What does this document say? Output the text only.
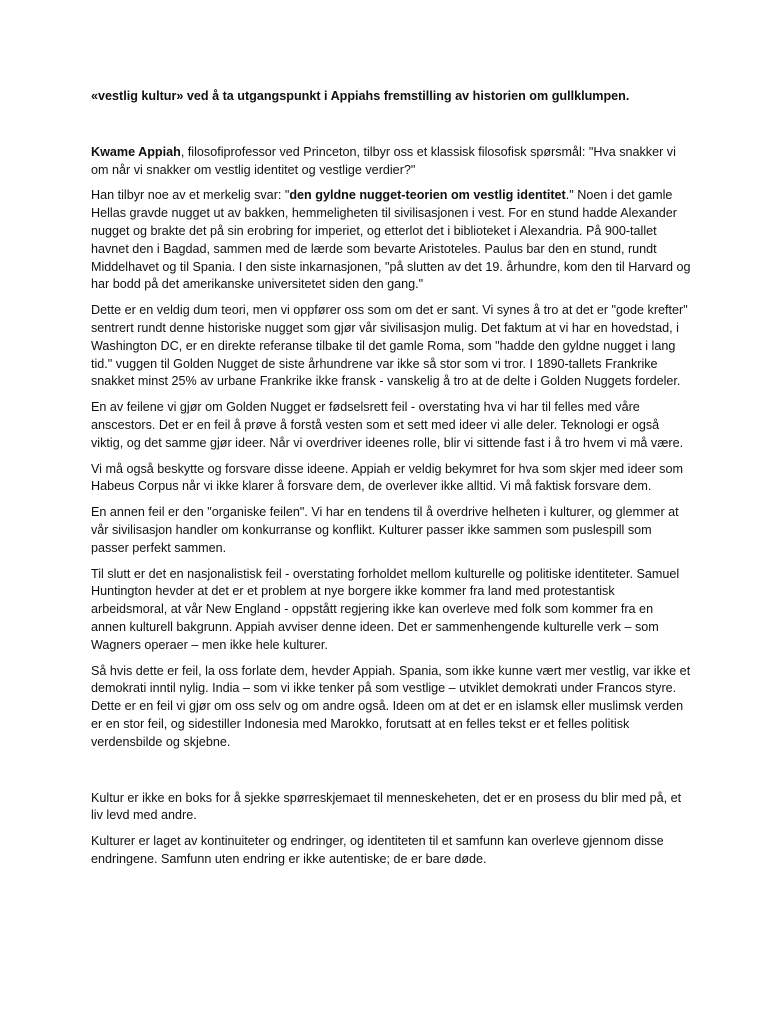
«vestlig kultur» ved å ta utgangspunkt i Appiahs fremstilling av historien om gullklumpen.

Kwame Appiah, filosofiprofessor ved Princeton, tilbyr oss et klassisk filosofisk spørsmål: "Hva snakker vi om når vi snakker om vestlig identitet og vestlige verdier?"

Han tilbyr noe av et merkelig svar: "den gyldne nugget-teorien om vestlig identitet." Noen i det gamle Hellas gravde nugget ut av bakken, hemmeligheten til sivilisasjonen i vest. For en stund hadde Alexander nugget og brakte det på sin erobring for imperiet, og etterlot det i biblioteket i Alexandria. På 900-tallet havnet den i Bagdad, sammen med de lærde som bevarte Aristoteles. Paulus bar den en stund, rundt Middelhavet og til Spania. I den siste inkarnasjonen, "på slutten av det 19. århundre, kom den til Harvard og har bodd på det amerikanske universitetet siden den gang."

Dette er en veldig dum teori, men vi oppfører oss som om det er sant. Vi synes å tro at det er "gode krefter" sentrert rundt denne historiske nugget som gjør vår sivilisasjon mulig. Det faktum at vi har en hovedstad, i Washington DC, er en direkte referanse tilbake til det gamle Roma, som "hadde den gyldne nugget i lang tid." vuggen til Golden Nugget de siste århundrene var ikke så stor som vi tror. I 1890-tallets Frankrike snakket minst 25% av urbane Frankrike ikke fransk - vanskelig å tro at de delte i Golden Nuggets fordeler.

En av feilene vi gjør om Golden Nugget er fødselsrett feil - overstating hva vi har til felles med våre anscestors. Det er en feil å prøve å forstå vesten som et sett med ideer vi alle deler. Teknologi er også viktig, og det samme gjør ideer. Når vi overdriver ideenes rolle, blir vi sittende fast i å tro hvem vi må være.

Vi må også beskytte og forsvare disse ideene. Appiah er veldig bekymret for hva som skjer med ideer som Habeus Corpus når vi ikke klarer å forsvare dem, de overlever ikke alltid. Vi må faktisk forsvare dem.

En annen feil er den "organiske feilen". Vi har en tendens til å overdrive helheten i kulturer, og glemmer at vår sivilisasjon handler om konkurranse og konflikt. Kulturer passer ikke sammen som puslespill som passer perfekt sammen.

Til slutt er det en nasjonalistisk feil - overstating forholdet mellom kulturelle og politiske identiteter. Samuel Huntington hevder at det er et problem at nye borgere ikke kommer fra land med protestantisk arbeidsmoral, at vår New England - oppstått regjering ikke kan overleve med folk som kommer fra en annen kulturell bakgrunn. Appiah avviser denne ideen. Det er sammenhengende kulturelle verk – som Wagners operaer – men ikke hele kulturer.

Så hvis dette er feil, la oss forlate dem, hevder Appiah. Spania, som ikke kunne vært mer vestlig, var ikke et demokrati inntil nylig. India – som vi ikke tenker på som vestlige – utviklet demokrati under Francos styre. Dette er en feil vi gjør om oss selv og om andre også. Ideen om at det er en islamsk eller muslimsk verden er en stor feil, og sidestiller Indonesia med Marokko, forutsatt at en felles tekst er et felles politisk verdensbilde og skjebne.

Kultur er ikke en boks for å sjekke spørreskjemaet til menneskeheten, det er en prosess du blir med på, et liv levd med andre.

Kulturer er laget av kontinuiteter og endringer, og identiteten til et samfunn kan overleve gjennom disse endringene. Samfunn uten endring er ikke autentiske; de er bare døde.
